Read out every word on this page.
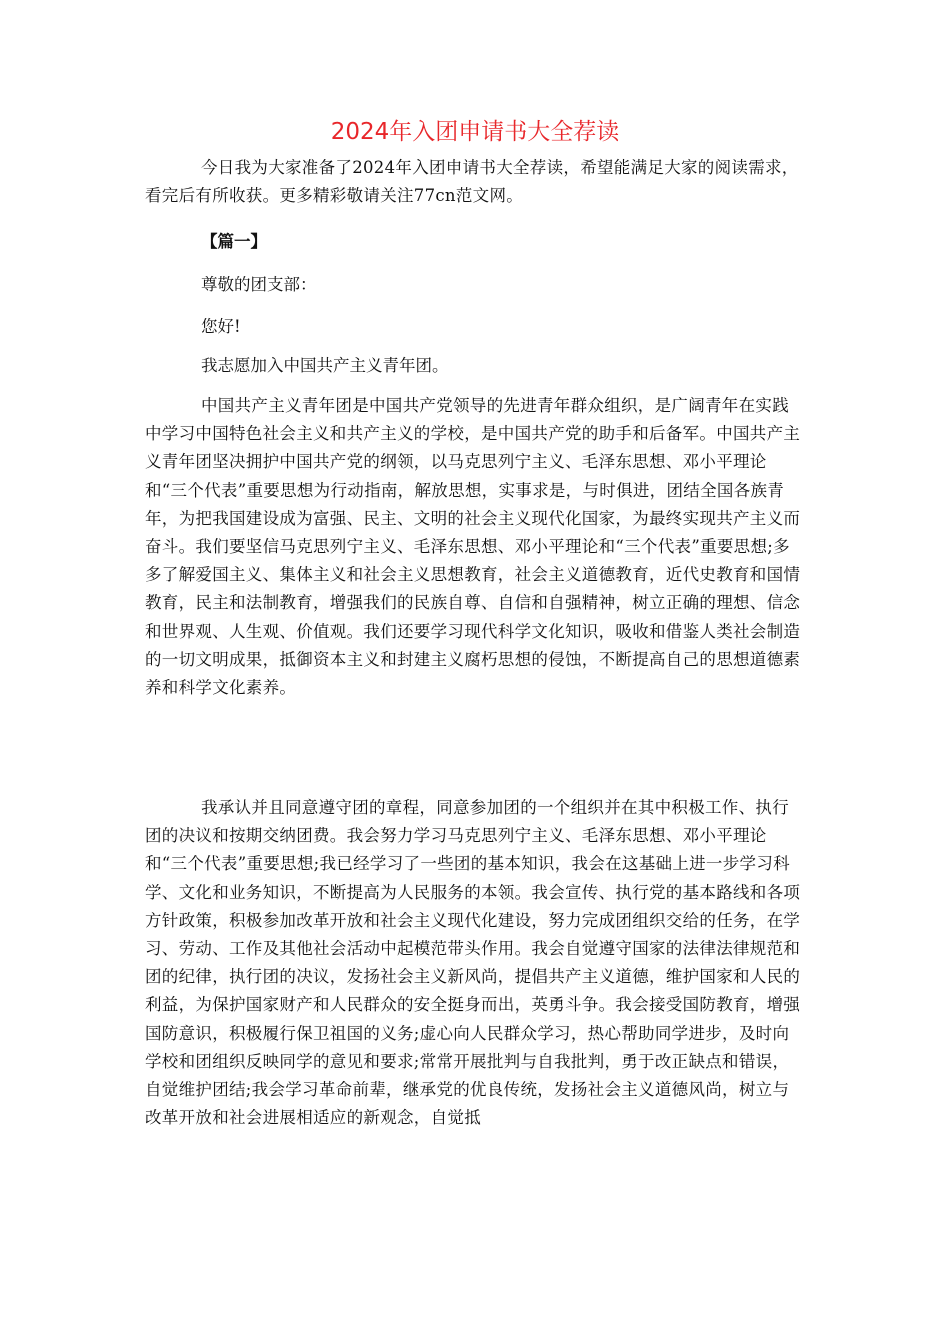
2024年入团申请书大全荐读

今日我为大家准备了2024年入团申请书大全荐读，希望能满足大家的阅读需求，看完后有所收获。更多精彩敬请关注77cn范文网。

【篇一】

尊敬的团支部：

您好!

我志愿加入中国共产主义青年团。

中国共产主义青年团是中国共产党领导的先进青年群众组织，是广阔青年在实践中学习中国特色社会主义和共产主义的学校，是中国共产党的助手和后备军。中国共产主义青年团坚决拥护中国共产党的纲领，以马克思列宁主义、毛泽东思想、邓小平理论和“三个代表”重要思想为行动指南，解放思想，实事求是，与时俱进，团结全国各族青年，为把我国建设成为富强、民主、文明的社会主义现代化国家，为最终实现共产主义而奋斗。我们要坚信马克思列宁主义、毛泽东思想、邓小平理论和“三个代表”重要思想;多多了解爱国主义、集体主义和社会主义思想教育，社会主义道德教育，近代史教育和国情教育，民主和法制教育，增强我们的民族自尊、自信和自强精神，树立正确的理想、信念和世界观、人生观、价值观。我们还要学习现代科学文化知识，吸收和借鉴人类社会制造的一切文明成果，抵御资本主义和封建主义腐朽思想的侵蚀，不断提高自己的思想道德素养和科学文化素养。

我承认并且同意遵守团的章程，同意参加团的一个组织并在其中积极工作、执行团的决议和按期交纳团费。我会努力学习马克思列宁主义、毛泽东思想、邓小平理论和“三个代表”重要思想;我已经学习了一些团的基本知识，我会在这基础上进一步学习科学、文化和业务知识，不断提高为人民服务的本领。我会宣传、执行党的基本路线和各项方针政策，积极参加改革开放和社会主义现代化建设，努力完成团组织交给的任务，在学习、劳动、工作及其他社会活动中起模范带头作用。我会自觉遵守国家的法律法律规范和团的纪律，执行团的决议，发扬社会主义新风尚，提倡共产主义道德，维护国家和人民的利益，为保护国家财产和人民群众的安全挺身而出，英勇斗争。我会接受国防教育，增强国防意识，积极履行保卫祖国的义务;虚心向人民群众学习，热心帮助同学进步，及时向学校和团组织反映同学的意见和要求;常常开展批判与自我批判，勇于改正缺点和错误，自觉维护团结;我会学习革命前辈，继承党的优良传统，发扬社会主义道德风尚，树立与改革开放和社会进展相适应的新观念，自觉抵
